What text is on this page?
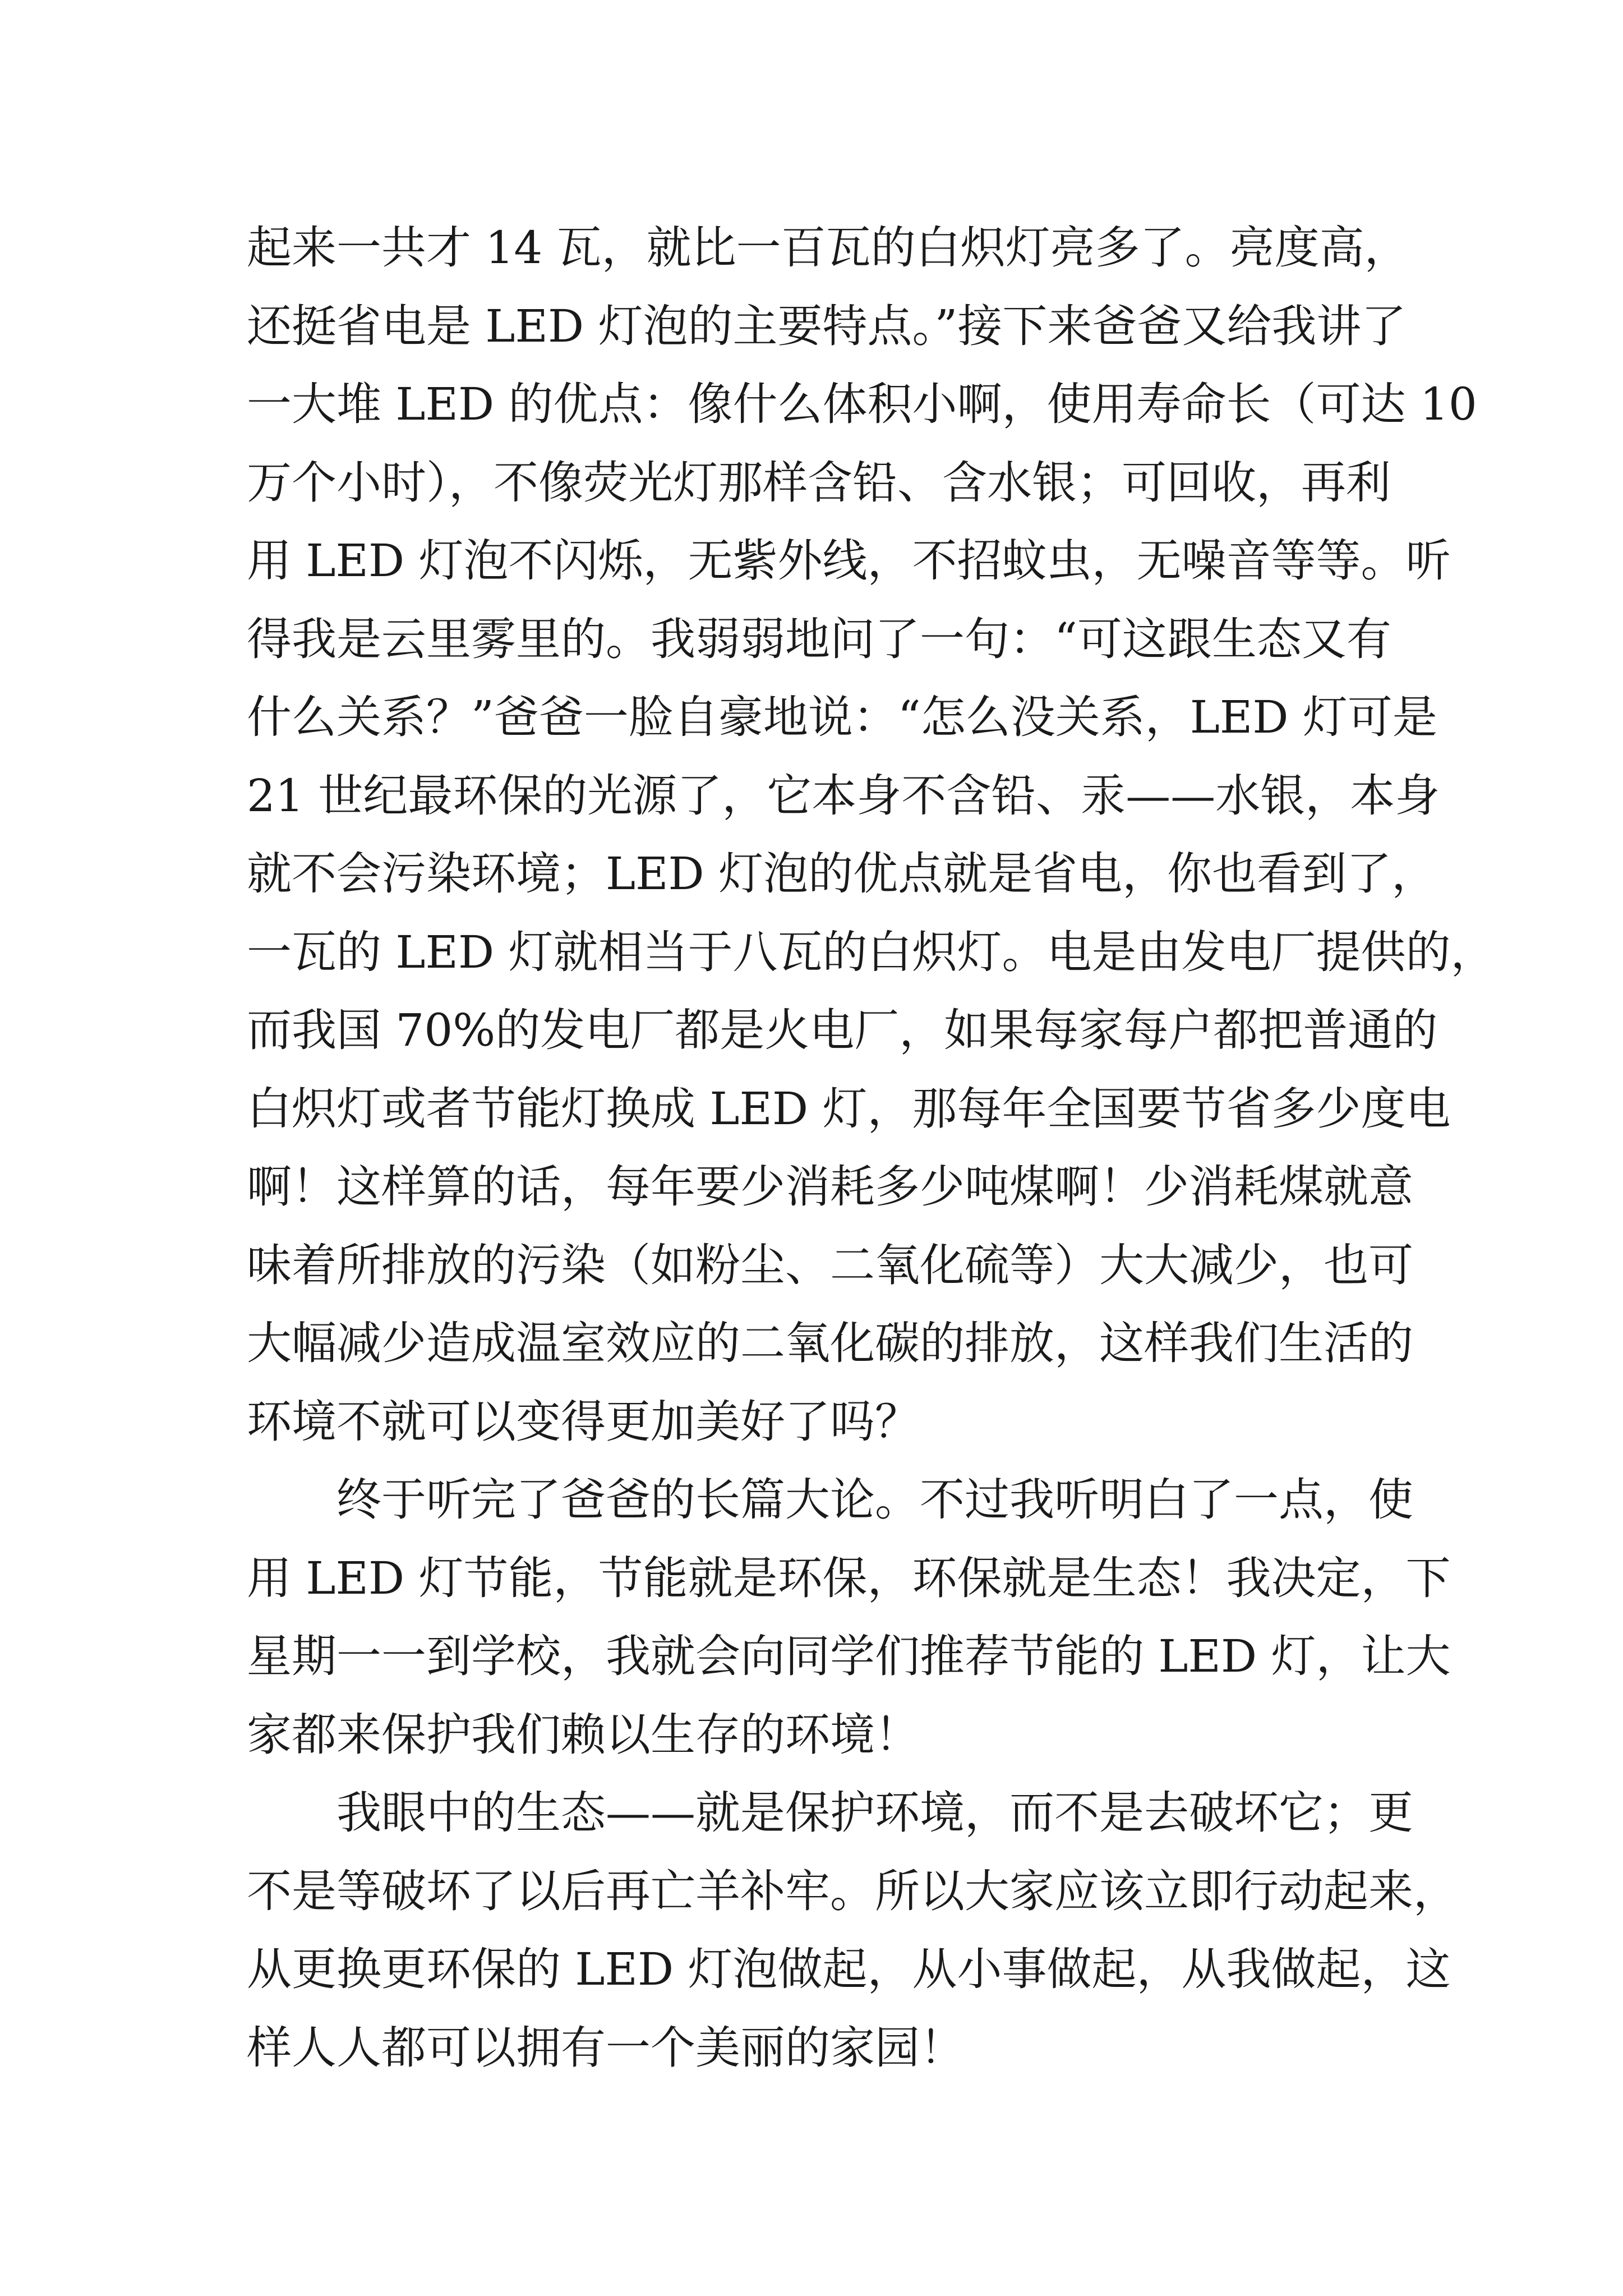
起来一共才 14 瓦，就比一百瓦的白炽灯亮多了。亮度高，
还挺省电是 LED 灯泡的主要特点。”接下来爸爸又给我讲了
一大堆 LED 的优点：像什么体积小啊，使用寿命长（可达 10
万个小时），不像荧光灯那样含铅、含水银；可回收，再利
用 LED 灯泡不闪烁，无紫外线，不招蚊虫，无噪音等等。听
得我是云里雾里的。我弱弱地问了一句：“可这跟生态又有
什么关系？”爸爸一脸自豪地说：“怎么没关系，LED 灯可是
21 世纪最环保的光源了，它本身不含铅、汞——水银，本身
就不会污染环境；LED 灯泡的优点就是省电，你也看到了，
一瓦的 LED 灯就相当于八瓦的白炽灯。电是由发电厂提供的，
而我国 70%的发电厂都是火电厂，如果每家每户都把普通的
白炽灯或者节能灯换成 LED 灯，那每年全国要节省多少度电
啊！这样算的话，每年要少消耗多少吨煤啊！少消耗煤就意
味着所排放的污染（如粉尘、二氧化硫等）大大减少，也可
大幅减少造成温室效应的二氧化碳的排放，这样我们生活的
环境不就可以变得更加美好了吗？
终于听完了爸爸的长篇大论。不过我听明白了一点，使
用 LED 灯节能，节能就是环保，环保就是生态！我决定，下
星期一一到学校，我就会向同学们推荐节能的 LED 灯，让大
家都来保护我们赖以生存的环境！
我眼中的生态——就是保护环境，而不是去破坏它；更
不是等破坏了以后再亡羊补牢。所以大家应该立即行动起来，
从更换更环保的 LED 灯泡做起，从小事做起，从我做起，这
样人人都可以拥有一个美丽的家园！
